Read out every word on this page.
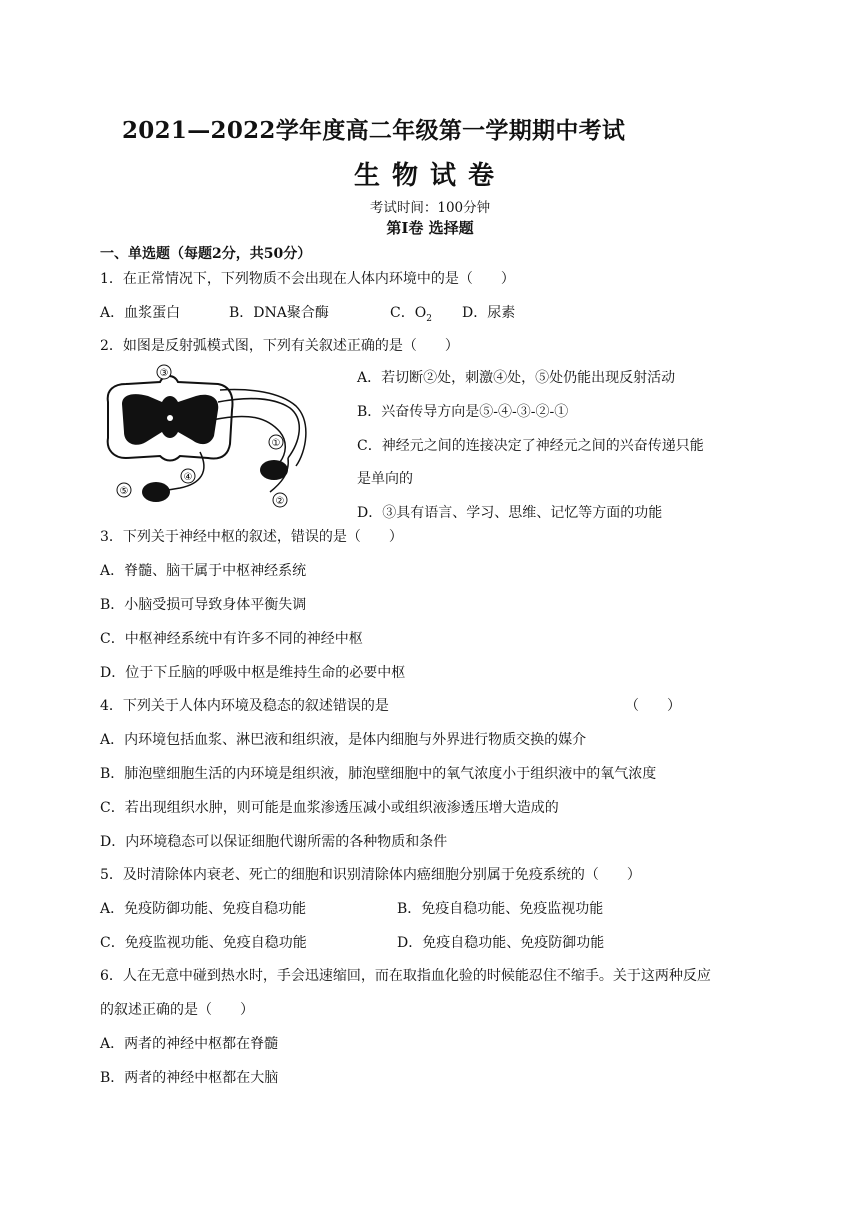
2021—2022学年度高二年级第一学期期中考试
生物试卷
考试时间：100分钟
第Ⅰ卷 选择题
一、单选题（每题2分，共50分）
1．在正常情况下，下列物质不会出现在人体内环境中的是（　　）
A．血浆蛋白	B．DNA聚合酶	C．$O_2$ D．尿素
2．如图是反射弧模式图，下列有关叙述正确的是（　　）
③
①
④
⑤
②
A．若切断②处，刺激④处，⑤处仍能出现反射活动
B．兴奋传导方向是⑤-④-③-②-①
C．神经元之间的连接决定了神经元之间的兴奋传递只能
是单向的
D．③具有语言、学习、思维、记忆等方面的功能
3．下列关于神经中枢的叙述，错误的是（　　）
A．脊髓、脑干属于中枢神经系统
B．小脑受损可导致身体平衡失调
C．中枢神经系统中有许多不同的神经中枢
D．位于下丘脑的呼吸中枢是维持生命的必要中枢
4．下列关于人体内环境及稳态的叙述错误的是	（　　）
A．内环境包括血浆、淋巴液和组织液，是体内细胞与外界进行物质交换的媒介
B．肺泡壁细胞生活的内环境是组织液，肺泡壁细胞中的氧气浓度小于组织液中的氧气浓度
C．若出现组织水肿，则可能是血浆渗透压减小或组织液渗透压增大造成的
D．内环境稳态可以保证细胞代谢所需的各种物质和条件
5．及时清除体内衰老、死亡的细胞和识别清除体内癌细胞分别属于免疫系统的（　　）
A．免疫防御功能、免疫自稳功能	B．免疫自稳功能、免疫监视功能
C．免疫监视功能、免疫自稳功能	D．免疫自稳功能、免疫防御功能
6．人在无意中碰到热水时，手会迅速缩回，而在取指血化验的时候能忍住不缩手。关于这两种反应
的叙述正确的是（　　）
A．两者的神经中枢都在脊髓
B．两者的神经中枢都在大脑
